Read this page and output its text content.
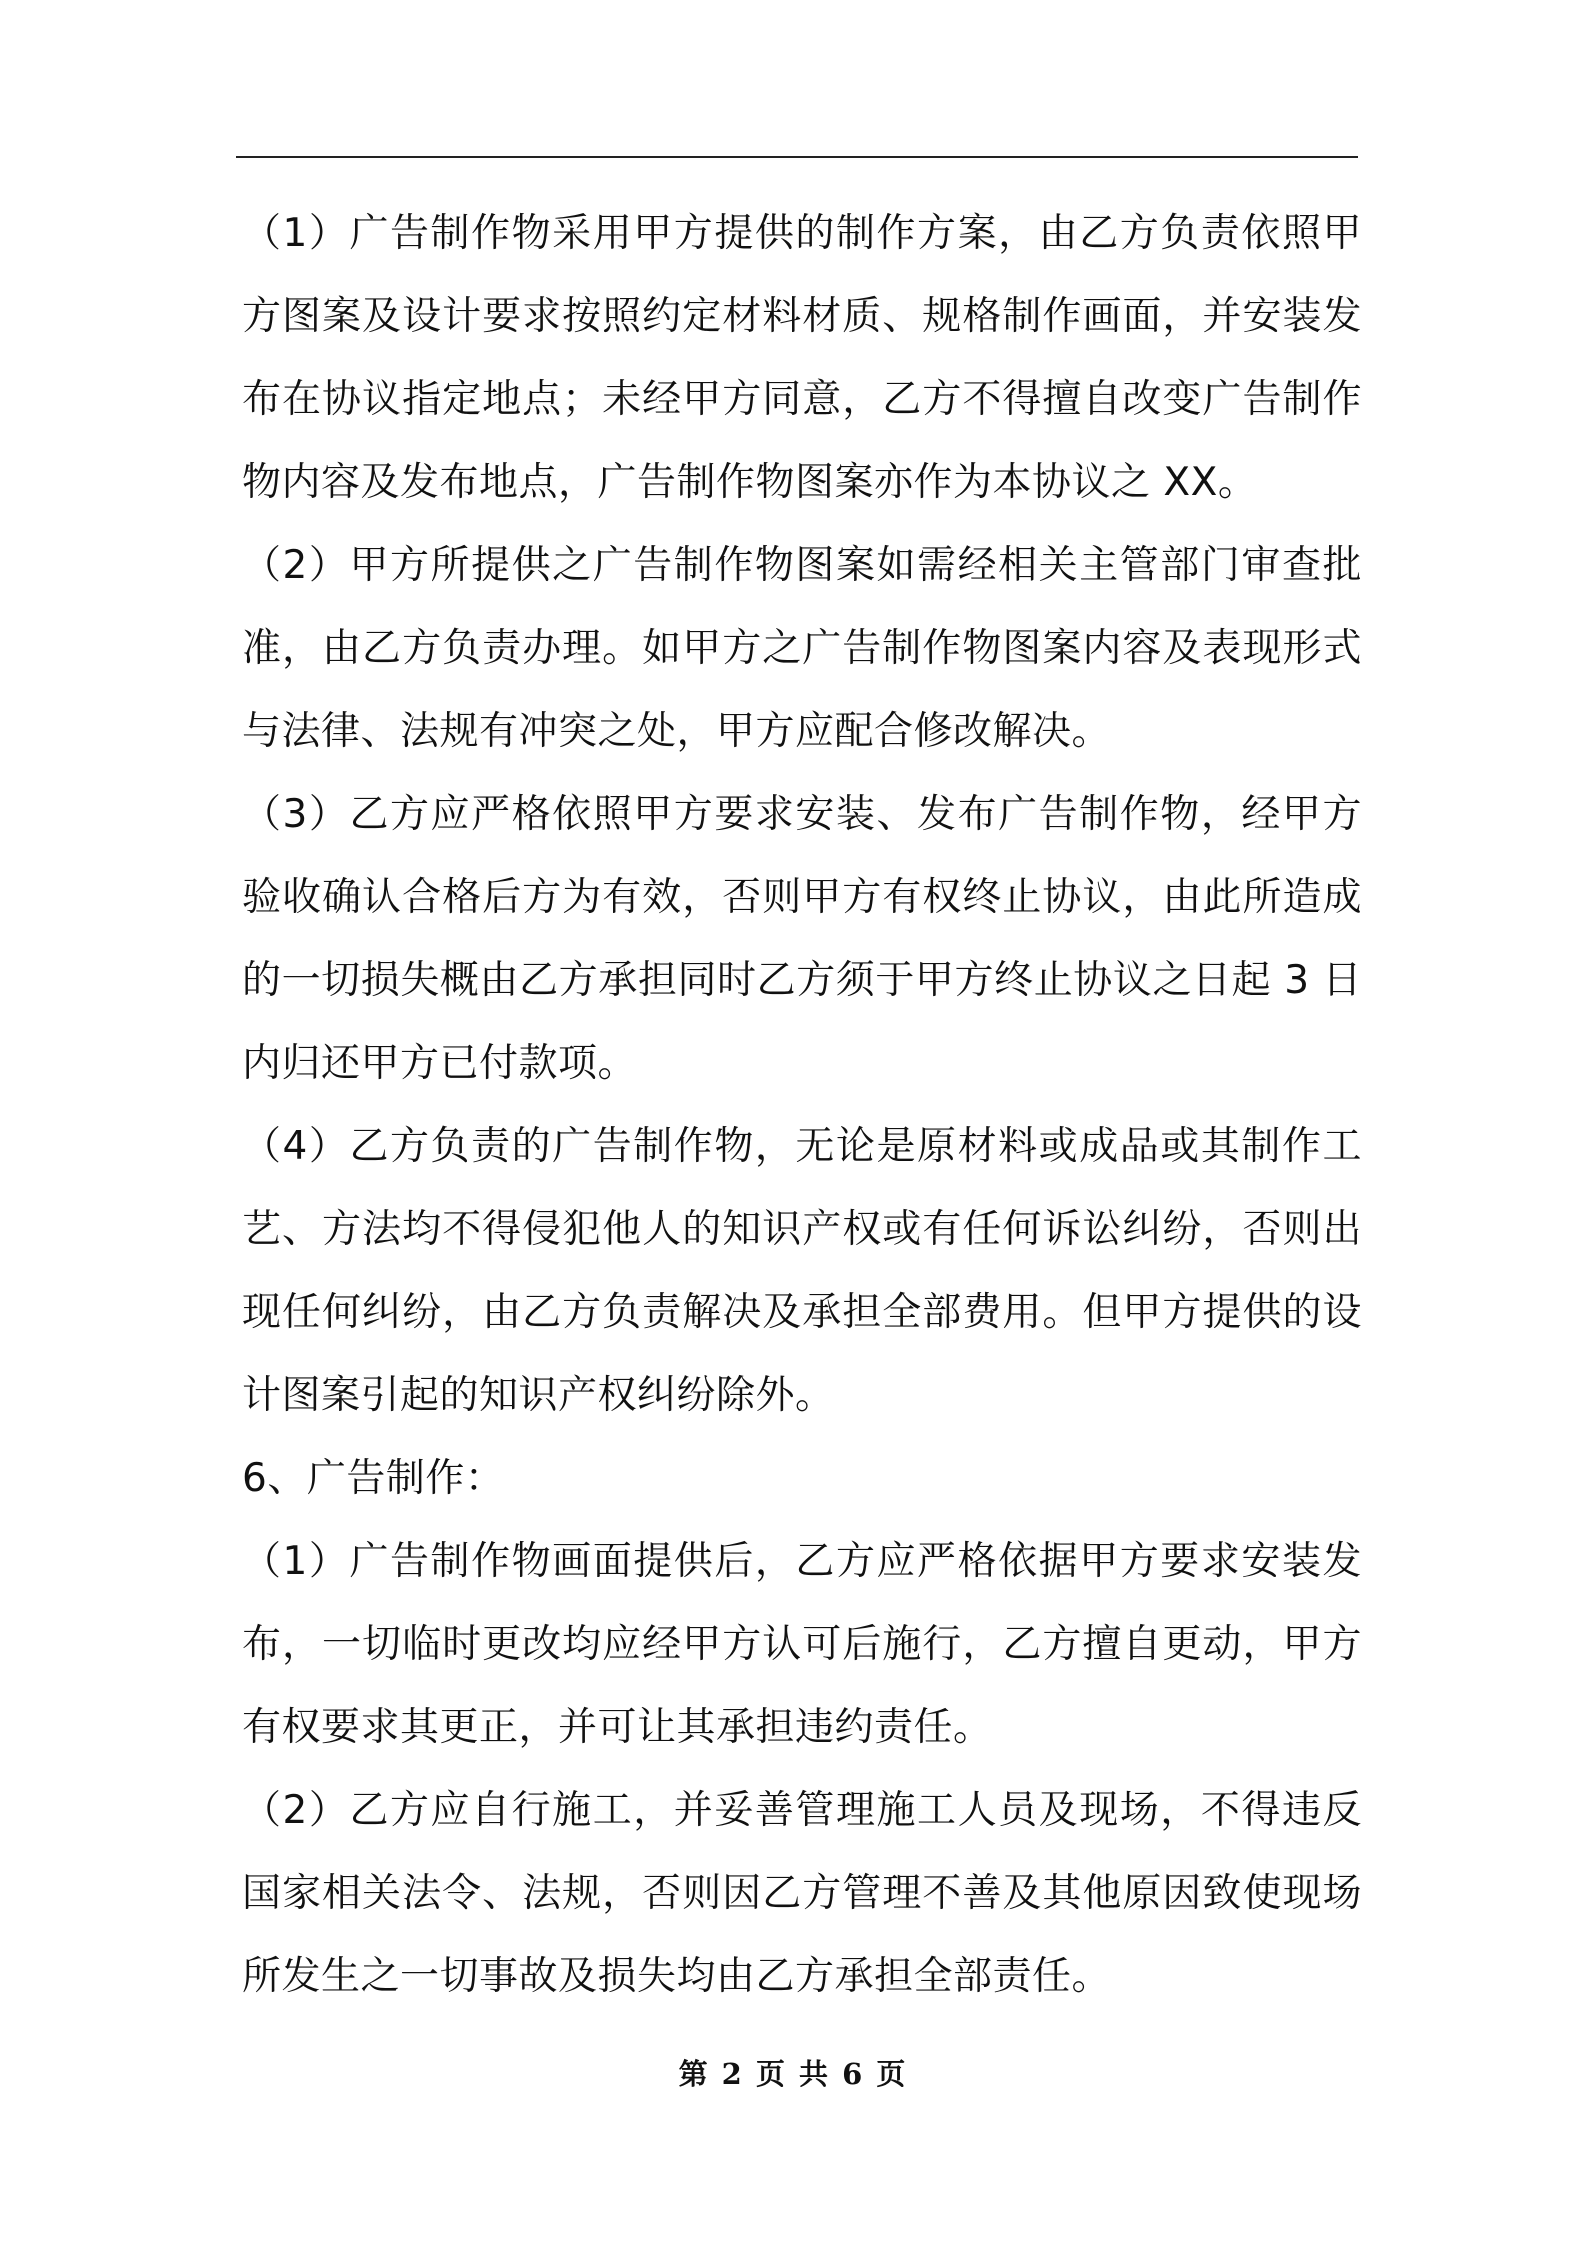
（1）广告制作物采用甲方提供的制作方案，由乙方负责依照甲方图案及设计要求按照约定材料材质、规格制作画面，并安装发布在协议指定地点；未经甲方同意，乙方不得擅自改变广告制作物内容及发布地点，广告制作物图案亦作为本协议之 XX。

（2）甲方所提供之广告制作物图案如需经相关主管部门审查批准，由乙方负责办理。如甲方之广告制作物图案内容及表现形式与法律、法规有冲突之处，甲方应配合修改解决。

（3）乙方应严格依照甲方要求安装、发布广告制作物，经甲方验收确认合格后方为有效，否则甲方有权终止协议，由此所造成的一切损失概由乙方承担同时乙方须于甲方终止协议之日起 3 日内归还甲方已付款项。

（4）乙方负责的广告制作物，无论是原材料或成品或其制作工艺、方法均不得侵犯他人的知识产权或有任何诉讼纠纷，否则出现任何纠纷，由乙方负责解决及承担全部费用。但甲方提供的设计图案引起的知识产权纠纷除外。

6、广告制作：

（1）广告制作物画面提供后，乙方应严格依据甲方要求安装发布，一切临时更改均应经甲方认可后施行，乙方擅自更动，甲方有权要求其更正，并可让其承担违约责任。

（2）乙方应自行施工，并妥善管理施工人员及现场，不得违反国家相关法令、法规，否则因乙方管理不善及其他原因致使现场所发生之一切事故及损失均由乙方承担全部责任。

第 2 页 共 6 页
